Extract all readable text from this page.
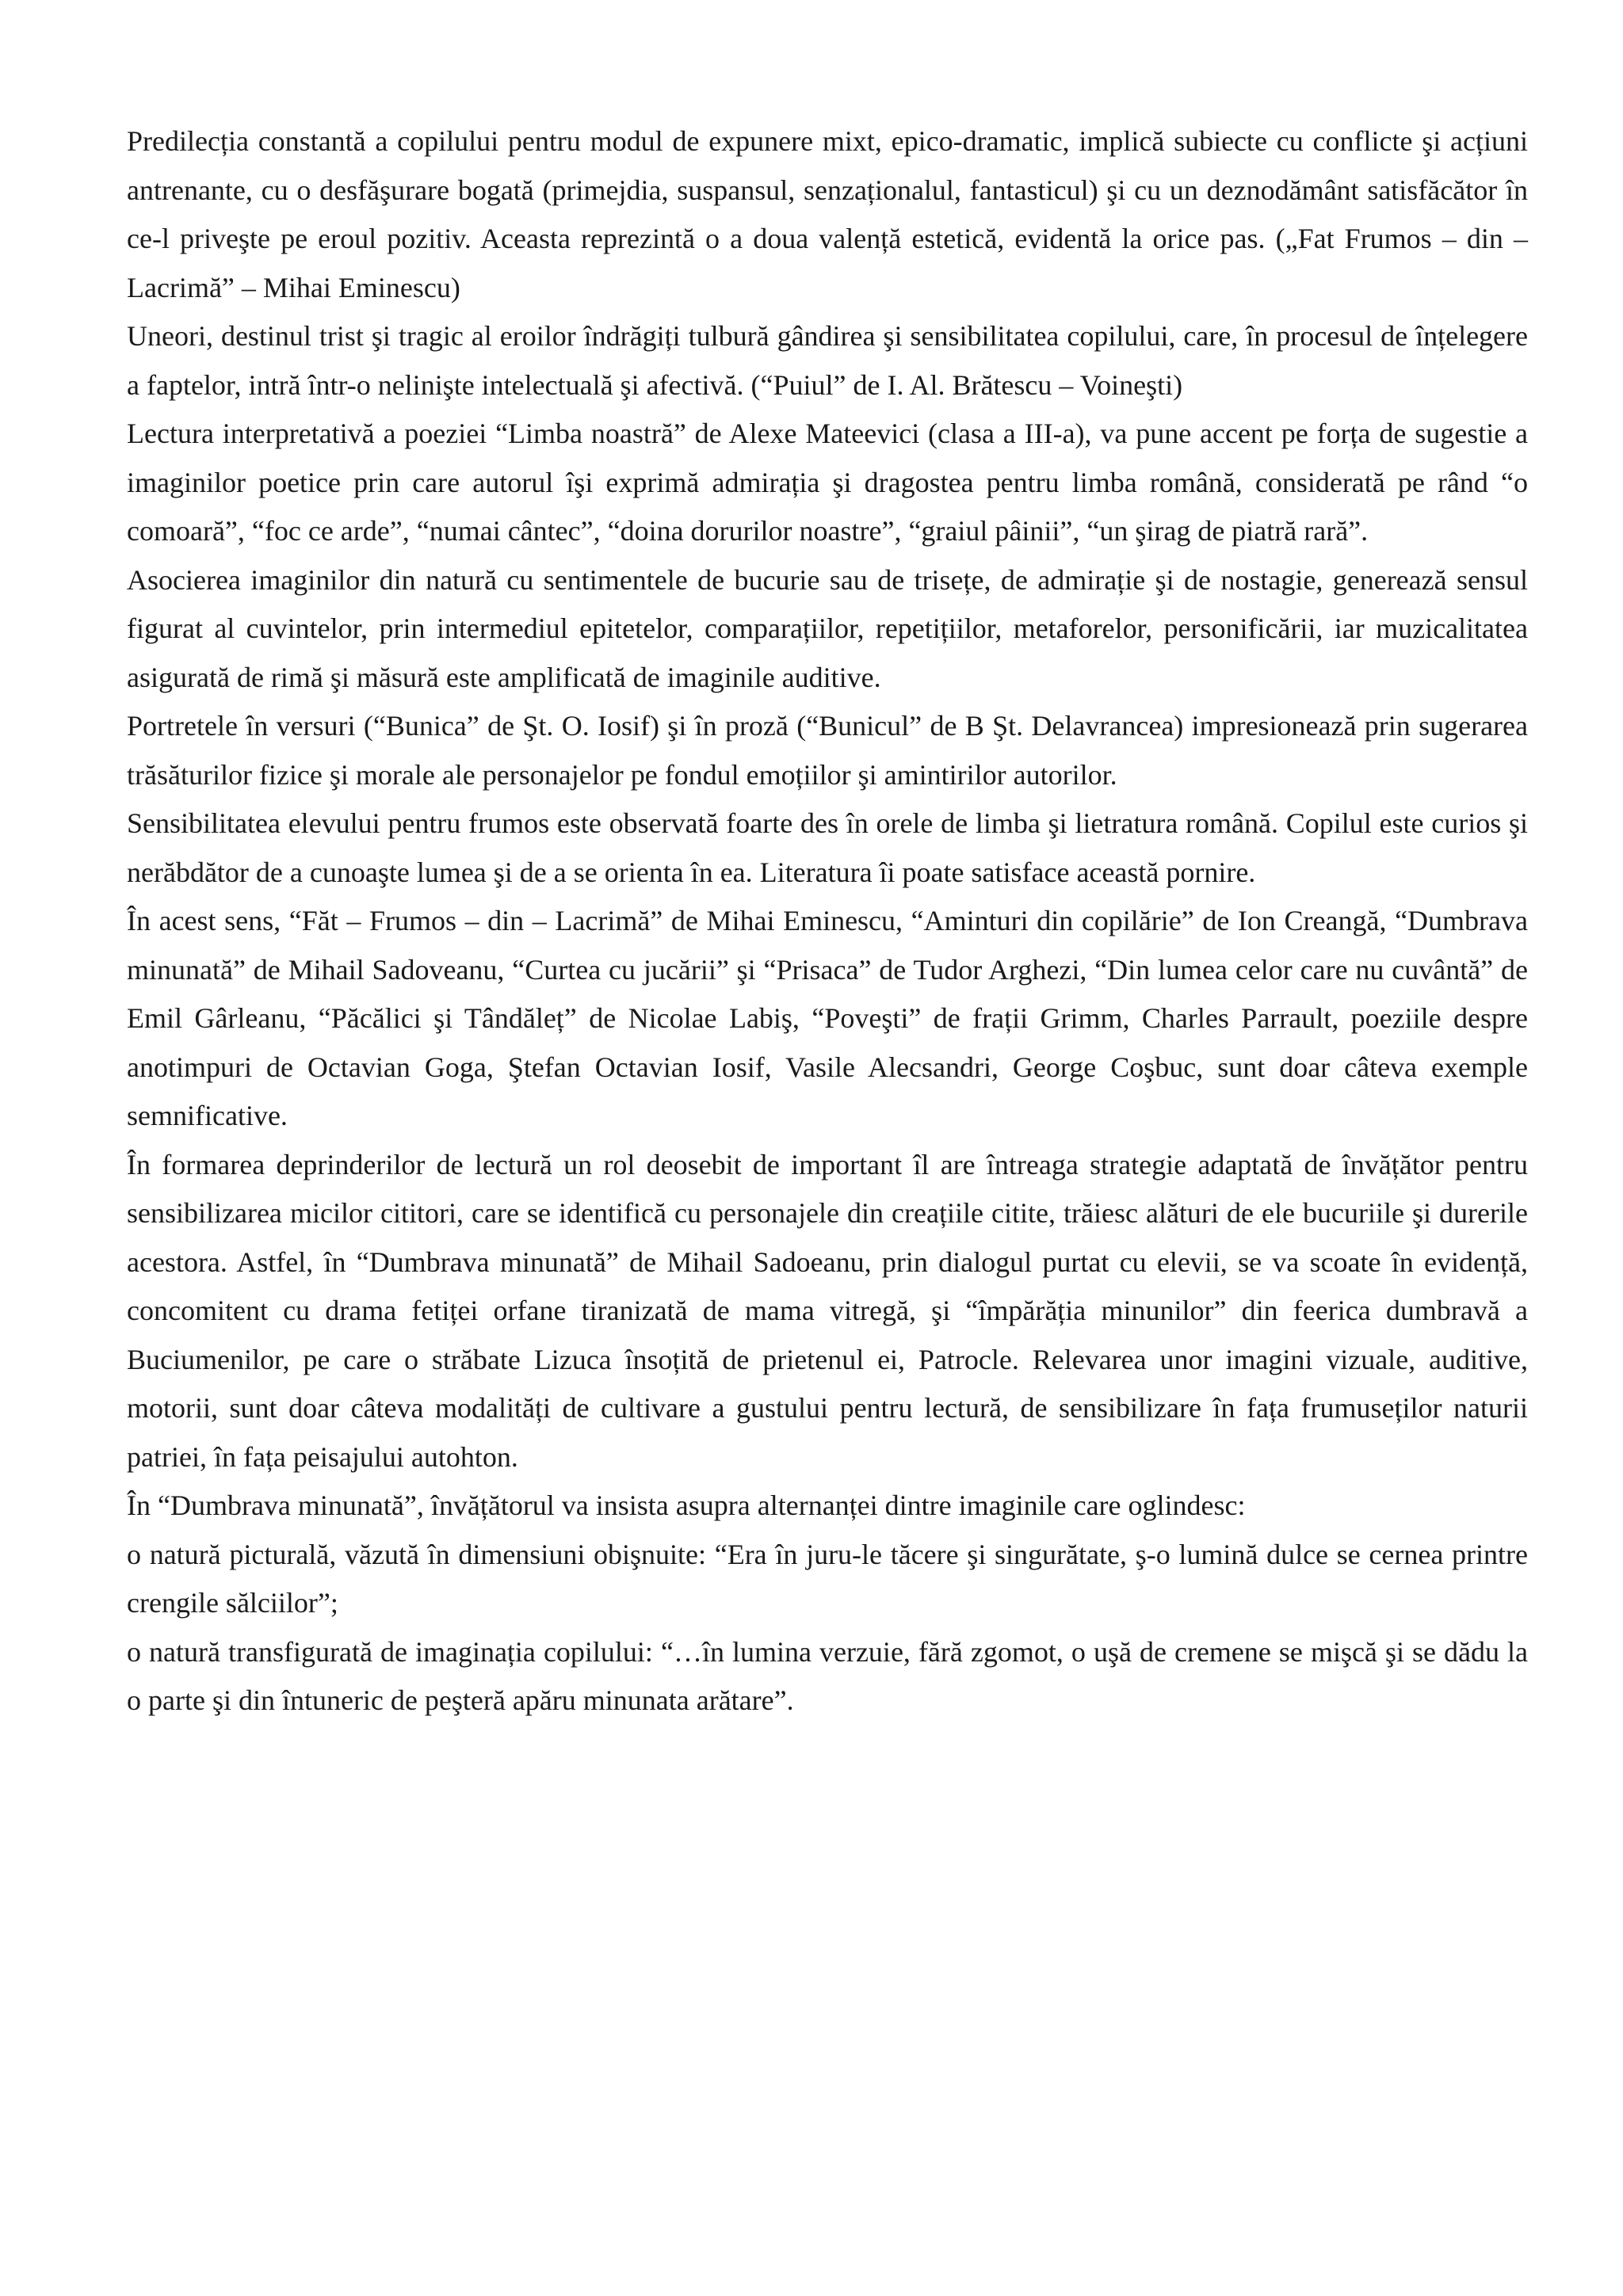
Predilecția constantă a copilului pentru modul de expunere mixt, epico-dramatic, implică subiecte cu conflicte şi acțiuni antrenante, cu o desfăşurare bogată (primejdia, suspansul, senzaționalul, fantasticul) şi cu un deznodământ satisfăcător în ce-l priveşte pe eroul pozitiv. Aceasta reprezintă o a doua valență estetică, evidentă la orice pas. („Fat Frumos – din – Lacrimă” – Mihai Eminescu)

Uneori, destinul trist şi tragic al eroilor îndrăgiți tulbură gândirea şi sensibilitatea copilului, care, în procesul de înțelegere a faptelor, intră într-o nelinişte intelectuală şi afectivă. (“Puiul” de I. Al. Brătescu – Voineşti)

Lectura interpretativă a poeziei “Limba noastră” de Alexe Mateevici (clasa a III-a), va pune accent pe forța de sugestie a imaginilor poetice prin care autorul îşi exprimă admirația şi dragostea pentru limba română, considerată pe rând “o comoară”, “foc ce arde”, “numai cântec”, “doina dorurilor noastre”, “graiul pâinii”, “un şirag de piatră rară”.

Asocierea imaginilor din natură cu sentimentele de bucurie sau de trisețe, de admirație şi de nostagie, generează sensul figurat al cuvintelor, prin intermediul epitetelor, comparațiilor, repetițiilor, metaforelor, personificării, iar muzicalitatea asigurată de rimă şi măsură este amplificată de imaginile auditive.

Portretele în versuri (“Bunica” de Şt. O. Iosif) şi în proză (“Bunicul” de B Şt. Delavrancea) impresionează prin sugerarea trăsăturilor fizice şi morale ale personajelor pe fondul emoțiilor şi amintirilor autorilor.

Sensibilitatea elevului pentru frumos este observată foarte des în orele de limba şi lietratura română. Copilul este curios şi nerăbdător de a cunoaşte lumea şi de a se orienta în ea. Literatura îi poate satisface această pornire.

În acest sens, “Făt – Frumos – din – Lacrimă” de Mihai Eminescu, “Aminturi din copilărie” de Ion Creangă, “Dumbrava minunată” de Mihail Sadoveanu, “Curtea cu jucării” şi “Prisaca” de Tudor Arghezi, “Din lumea celor care nu cuvântă” de Emil Gârleanu, “Păcălici şi Tândăleț” de Nicolae Labiş, “Poveşti” de frații Grimm, Charles Parrault, poeziile despre anotimpuri de Octavian Goga, Ştefan Octavian Iosif, Vasile Alecsandri, George Coşbuc, sunt doar câteva exemple semnificative.

În formarea deprinderilor de lectură un rol deosebit de important îl are întreaga strategie adaptată de învățător pentru sensibilizarea micilor cititori, care se identifică cu personajele din creațiile citite, trăiesc alături de ele bucuriile şi durerile acestora. Astfel, în “Dumbrava minunată” de Mihail Sadoeanu, prin dialogul purtat cu elevii, se va scoate în evidență, concomitent cu drama fetiței orfane tiranizată de mama vitregă, şi “împărăția minunilor” din feerica dumbravă a Buciumenilor, pe care o străbate Lizuca însoțită de prietenul ei, Patrocle. Relevarea unor imagini vizuale, auditive, motorii, sunt doar câteva modalități de cultivare a gustului pentru lectură, de sensibilizare în fața frumuseților naturii patriei, în fața peisajului autohton.

În “Dumbrava minunată”, învățătorul va insista asupra alternanței dintre imaginile care oglindesc:

o natură picturală, văzută în dimensiuni obişnuite: “Era în juru-le tăcere şi singurătate, ş-o lumină dulce se cernea printre crengile sălciilor”;

o natură transfigurată de imaginația copilului: “…în lumina verzuie, fără zgomot, o uşă de cremene se mişcă şi se dădu la o parte şi din întuneric de peşteră apăru minunata arătare”.
